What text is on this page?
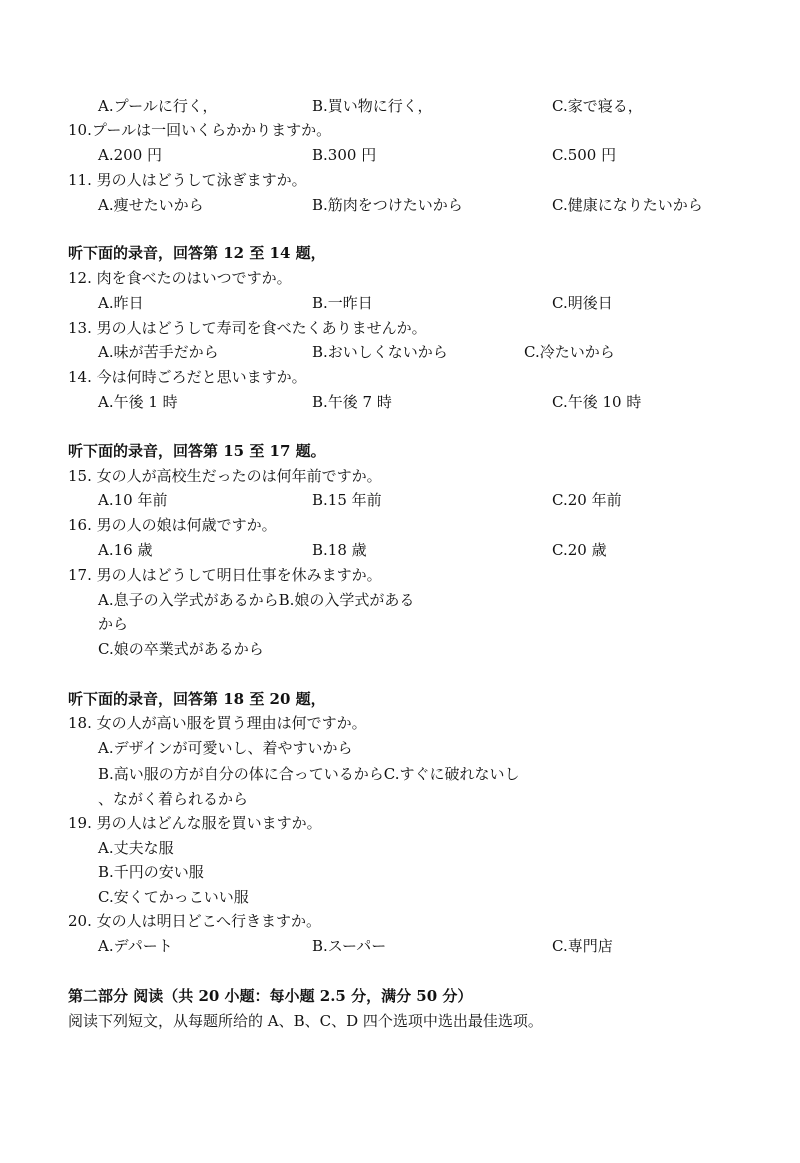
A.プールに行く，	B.買い物に行く，	C.家で寝る，
10.プールは一回いくらかかりますか。
A.200 円	B.300 円	C.500 円
11. 男の人はどうして泳ぎますか。
A.痩せたいから	B.筋肉をつけたいから	C.健康になりたいから
听下面的录音，回答第 12 至 14 题，
12. 肉を食べたのはいつですか。
A.昨日	B.一昨日	C.明後日
13. 男の人はどうして寿司を食べたくありませんか。
A.味が苦手だから	B.おいしくないから	C.冷たいから
14. 今は何時ごろだと思いますか。
A.午後 1 時	B.午後 7 時	C.午後 10 時
听下面的录音，回答第 15 至 17 题。
15. 女の人が高校生だったのは何年前ですか。
A.10 年前	B.15 年前	C.20 年前
16. 男の人の娘は何歳ですか。
A.16 歳	B.18 歳	C.20 歳
17. 男の人はどうして明日仕事を休みますか。
A.息子の入学式があるからB.娘の入学式がある
から
C.娘の卒業式があるから
听下面的录音，回答第 18 至 20 题，
18. 女の人が高い服を買う理由は何ですか。
A.デザインが可愛いし、着やすいから
B.高い服の方が自分の体に合っているからC.すぐに破れないし
、ながく着られるから
19. 男の人はどんな服を買いますか。
A.丈夫な服
B.千円の安い服
C.安くてかっこいい服
20. 女の人は明日どこへ行きますか。
A.デパート	B.スーパー	C.専門店
第二部分 阅读（共 20 小题：每小题 2.5 分，满分 50 分）
阅读下列短文，从每题所给的 A、B、C、D 四个选项中选出最佳选项。
